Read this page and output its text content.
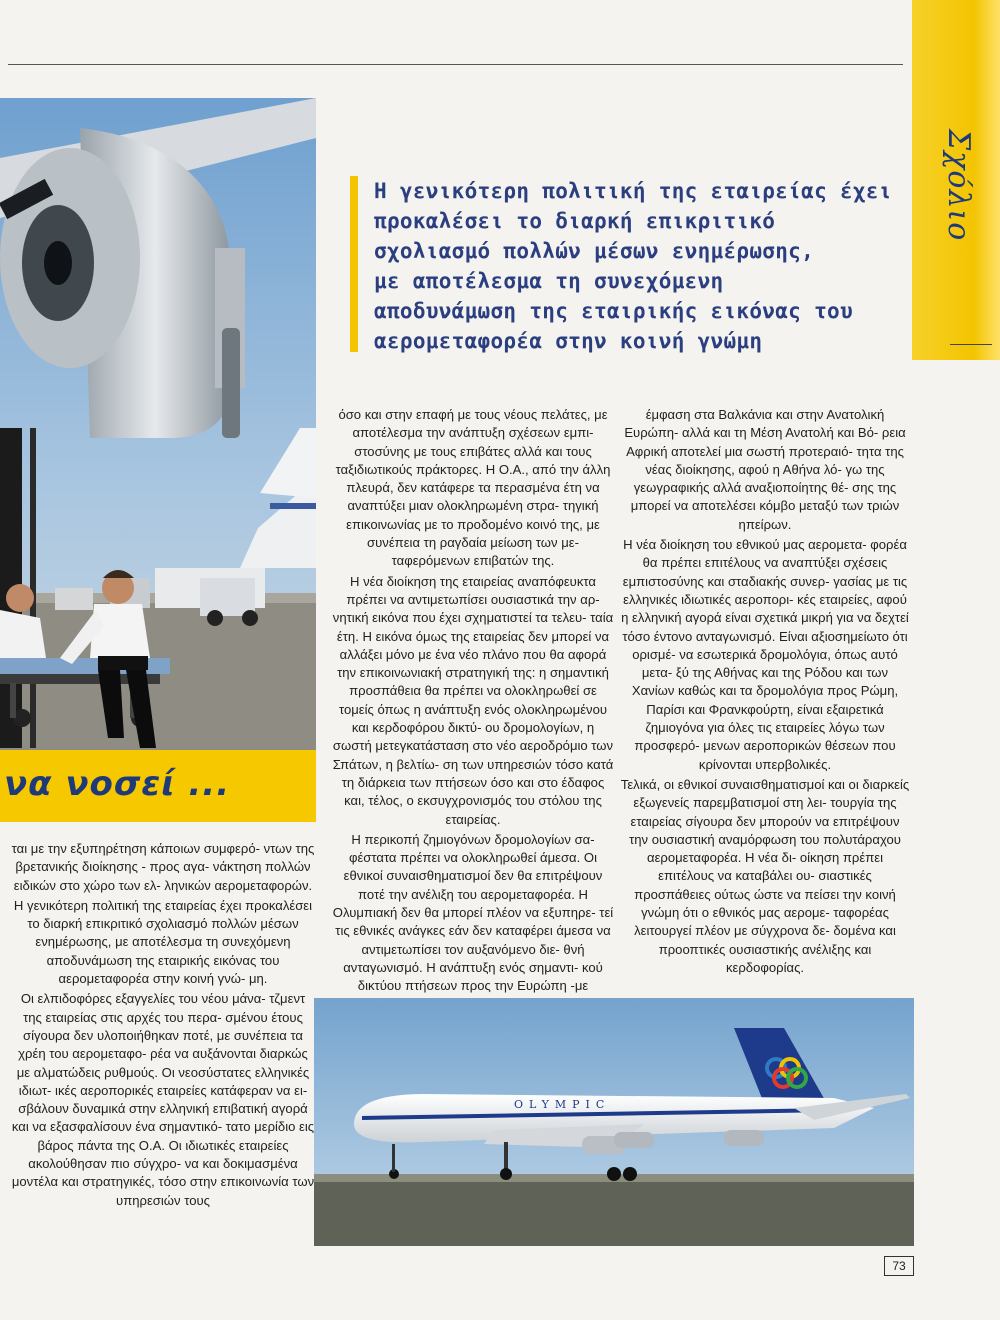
Σχόλιο
να νοσεί ...

Η γενικότερη πολιτική της εταιρείας έχει
προκαλέσει το διαρκή επικριτικό
σχολιασμό πολλών μέσων ενημέρωσης,
με αποτέλεσμα τη συνεχόμενη
αποδυνάμωση της εταιρικής εικόνας του
αερομεταφορέα στην κοινή γνώμη

ται με την εξυπηρέτηση κάποιων συμφερό- ντων της βρετανικής διοίκησης - προς αγα- νάκτηση πολλών ειδικών στο χώρο των ελ- ληνικών αερομεταφορών.

Η γενικότερη πολιτική της εταιρείας έχει προκαλέσει το διαρκή επικριτικό σχολιασμό πολλών μέσων ενημέρωσης, με αποτέλεσμα τη συνεχόμενη αποδυνάμωση της εταιρικής εικόνας του αερομεταφορέα στην κοινή γνώ- μη.

Οι ελπιδοφόρες εξαγγελίες του νέου μάνα- τζμεντ της εταιρείας στις αρχές του περα- σμένου έτους σίγουρα δεν υλοποιήθηκαν ποτέ, με συνέπεια τα χρέη του αερομεταφο- ρέα να αυξάνονται διαρκώς με αλματώδεις ρυθμούς. Οι νεοσύστατες ελληνικές ιδιωτ- ικές αεροπορικές εταιρείες κατάφεραν να ει- σβάλουν δυναμικά στην ελληνική επιβατική αγορά και να εξασφαλίσουν ένα σημαντικό- τατο μερίδιο εις βάρος πάντα της Ο.Α. Οι ιδιωτικές εταιρείες ακολούθησαν πιο σύγχρο- να και δοκιμασμένα μοντέλα και στρατηγικές, τόσο στην επικοινωνία των υπηρεσιών τους

όσο και στην επαφή με τους νέους πελάτες, με αποτέλεσμα την ανάπτυξη σχέσεων εμπι- στοσύνης με τους επιβάτες αλλά και τους ταξιδιωτικούς πράκτορες. Η Ο.Α., από την άλλη πλευρά, δεν κατάφερε τα περασμένα έτη να αναπτύξει μιαν ολοκληρωμένη στρα- τηγική επικοινωνίας με το προδομένο κοινό της, με συνέπεια τη ραγδαία μείωση των με- ταφερόμενων επιβατών της.

Η νέα διοίκηση της εταιρείας αναπόφευκτα πρέπει να αντιμετωπίσει ουσιαστικά την αρ- νητική εικόνα που έχει σχηματιστεί τα τελευ- ταία έτη. Η εικόνα όμως της εταιρείας δεν μπορεί να αλλάξει μόνο με ένα νέο πλάνο που θα αφορά την επικοινωνιακή στρατηγική της: η σημαντική προσπάθεια θα πρέπει να ολοκληρωθεί σε τομείς όπως η ανάπτυξη ενός ολοκληρωμένου και κερδοφόρου δικτύ- ου δρομολογίων, η σωστή μετεγκατάσταση στο νέο αεροδρόμιο των Σπάτων, η βελτίω- ση των υπηρεσιών τόσο κατά τη διάρκεια των πτήσεων όσο και στο έδαφος και, τέλος, ο εκσυγχρονισμός του στόλου της εταιρείας.

Η περικοπή ζημιογόνων δρομολογίων σα- φέστατα πρέπει να ολοκληρωθεί άμεσα. Οι εθνικοί συναισθηματισμοί δεν θα επιτρέψουν ποτέ την ανέλιξη του αερομεταφορέα. Η Ολυμπιακή δεν θα μπορεί πλέον να εξυπηρε- τεί τις εθνικές ανάγκες εάν δεν καταφέρει άμεσα να αντιμετωπίσει τον αυξανόμενο διε- θνή ανταγωνισμό. Η ανάπτυξη ενός σημαντι- κού δικτύου πτήσεων προς την Ευρώπη -με

έμφαση στα Βαλκάνια και στην Ανατολική Ευρώπη- αλλά και τη Μέση Ανατολή και Βό- ρεια Αφρική αποτελεί μια σωστή προτεραιό- τητα της νέας διοίκησης, αφού η Αθήνα λό- γω της γεωγραφικής αλλά αναξιοποίητης θέ- σης της μπορεί να αποτελέσει κόμβο μεταξύ των τριών ηπείρων.

Η νέα διοίκηση του εθνικού μας αερομετα- φορέα θα πρέπει επιτέλους να αναπτύξει σχέσεις εμπιστοσύνης και σταδιακής συνερ- γασίας με τις ελληνικές ιδιωτικές αεροπορι- κές εταιρείες, αφού η ελληνική αγορά είναι σχετικά μικρή για να δεχτεί τόσο έντονο ανταγωνισμό. Είναι αξιοσημείωτο ότι ορισμέ- να εσωτερικά δρομολόγια, όπως αυτό μετα- ξύ της Αθήνας και της Ρόδου και των Χανίων καθώς και τα δρομολόγια προς Ρώμη, Παρίσι και Φρανκφούρτη, είναι εξαιρετικά ζημιογόνα για όλες τις εταιρείες λόγω των προσφερό- μενων αεροπορικών θέσεων που κρίνονται υπερβολικές.

Τελικά, οι εθνικοί συναισθηματισμοί και οι διαρκείς εξωγενείς παρεμβατισμοί στη λει- τουργία της εταιρείας σίγουρα δεν μπορούν να επιτρέψουν την ουσιαστική αναμόρφωση του πολυτάραχου αερομεταφορέα. Η νέα δι- οίκηση πρέπει επιτέλους να καταβάλει ου- σιαστικές προσπάθειες ούτως ώστε να πείσει την κοινή γνώμη ότι ο εθνικός μας αερομε- ταφορέας λειτουργεί πλέον με σύγχρονα δε- δομένα και προοπτικές ουσιαστικής ανέλιξης και κερδοφορίας.

OLYMPIC
73
